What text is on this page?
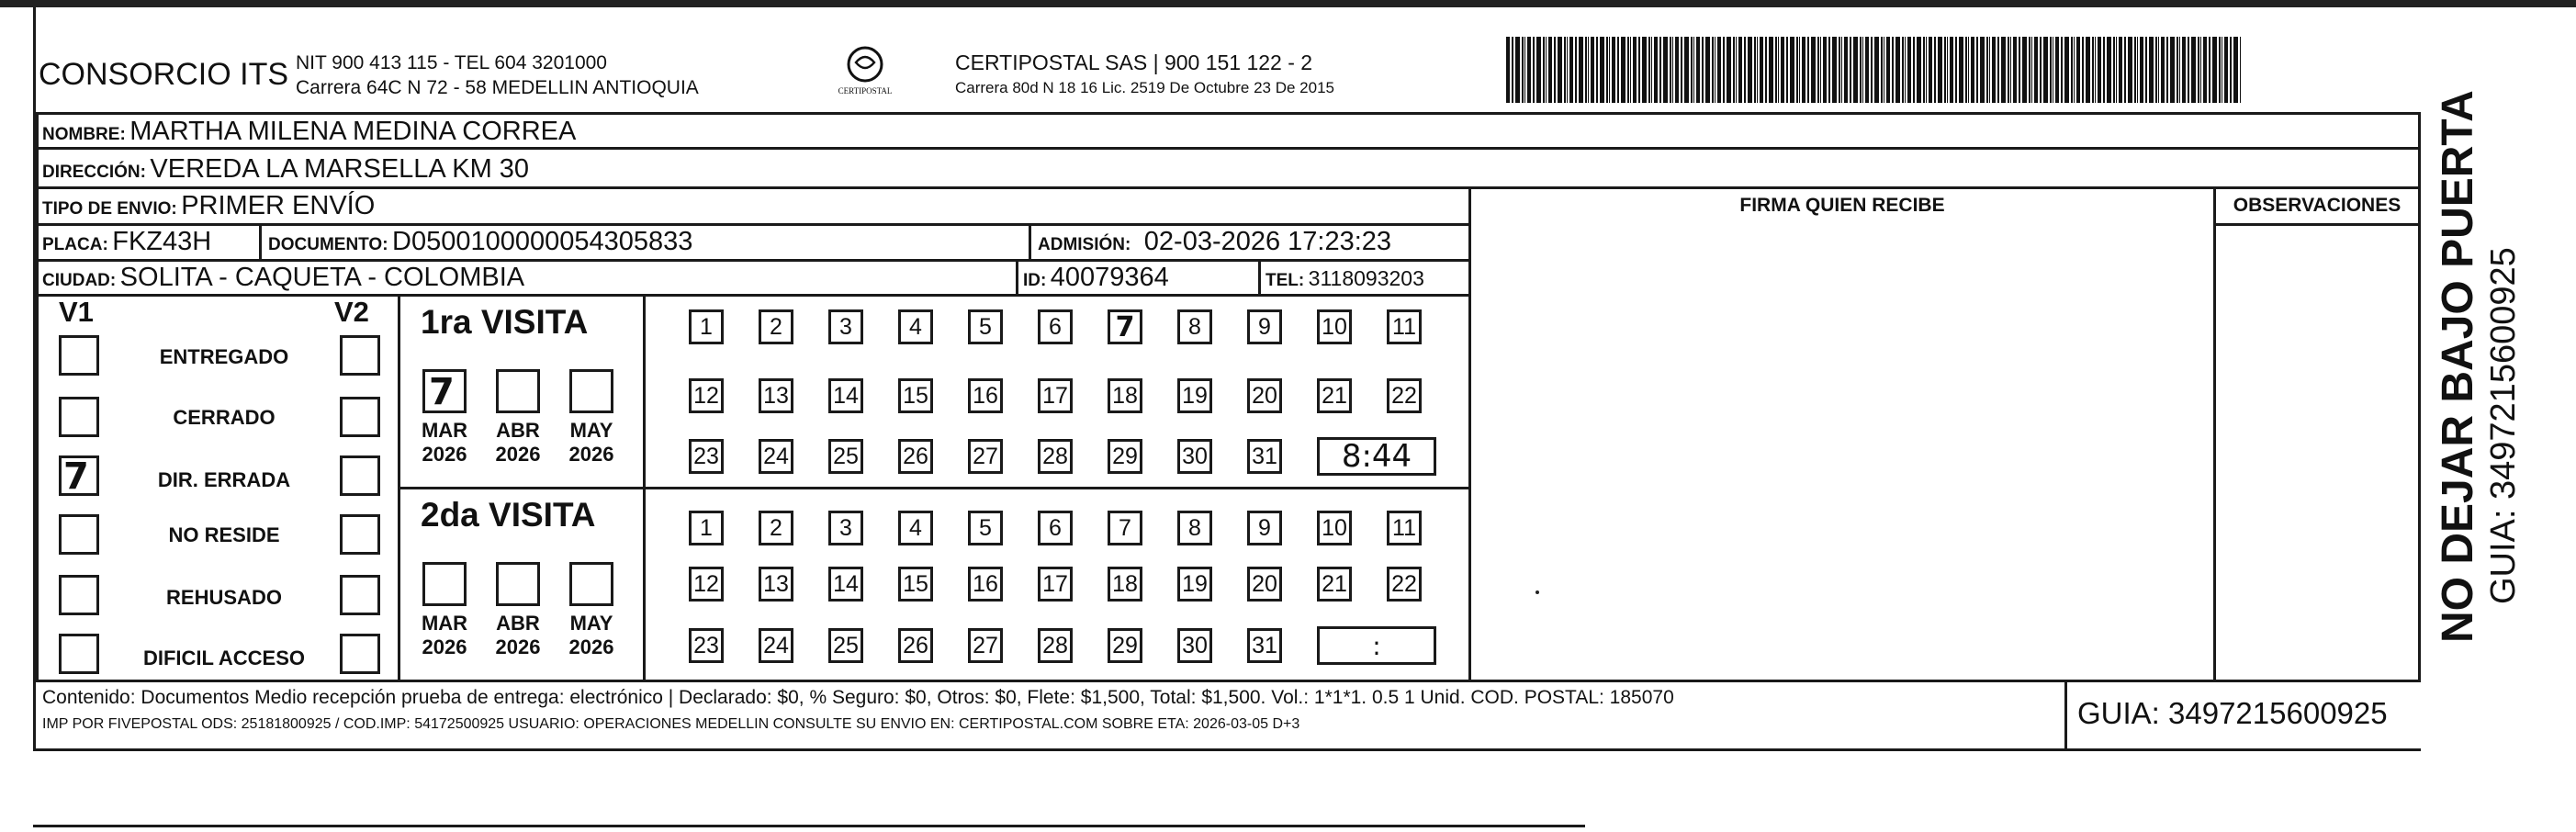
CONSORCIO ITS NIT 900 413 115 - TEL 604 3201000
Carrera 64C N 72 - 58 MEDELLIN ANTIOQUIA	CERTIPOSTAL
CERTIPOSTAL SAS | 900 151 122 - 2
Carrera 80d N 18 16 Lic. 2519 De Octubre 23 De 2015
NOMBRE: MARTHA MILENA MEDINA CORREA
DIRECCIÓN: VEREDA LA MARSELLA KM 30
TIPO DE ENVIO: PRIMER ENVÍO
PLACA: FKZ43H	DOCUMENTO: D0500100000054305833	ADMISIÓN: 02-03-2026 17:23:23
CIUDAD: SOLITA - CAQUETA - COLOMBIA	ID: 40079364	TEL: 3118093203
FIRMA QUIEN RECIBE	OBSERVACIONES
V1	V2
ENTREGADO
CERRADO
7	DIR. ERRADA
NO RESIDE
REHUSADO
DIFICIL ACCESO
1ra VISITA
2da VISITA
7
MAR
2026
ABR
2026
MAY
2026
MAR
2026
ABR
2026
MAY
2026
1	2	3	4	5	6	7	8	9	10 11
12 13 14 15 16 17 18 19 20 21 22
23 24 25 26 27 28 29 30 31	8:44
1	2	3	4	5	6	7	8	9	10 11
12 13 14 15 16 17 18 19 20 21 22
23 24 25 26 27 28 29 30 31	:
Contenido: Documentos Medio recepción prueba de entrega: electrónico | Declarado: $0, % Seguro: $0, Otros: $0, Flete: $1,500, Total: $1,500. Vol.: 1*1*1. 0.5 1 Unid. COD. POSTAL: 185070
IMP POR FIVEPOSTAL ODS: 25181800925 / COD.IMP: 54172500925 USUARIO: OPERACIONES MEDELLIN CONSULTE SU ENVIO EN: CERTIPOSTAL.COM SOBRE ETA: 2026-03-05 D+3	GUIA: 3497215600925
NO DEJAR BAJO PUERTA GUIA: 3497215600925
